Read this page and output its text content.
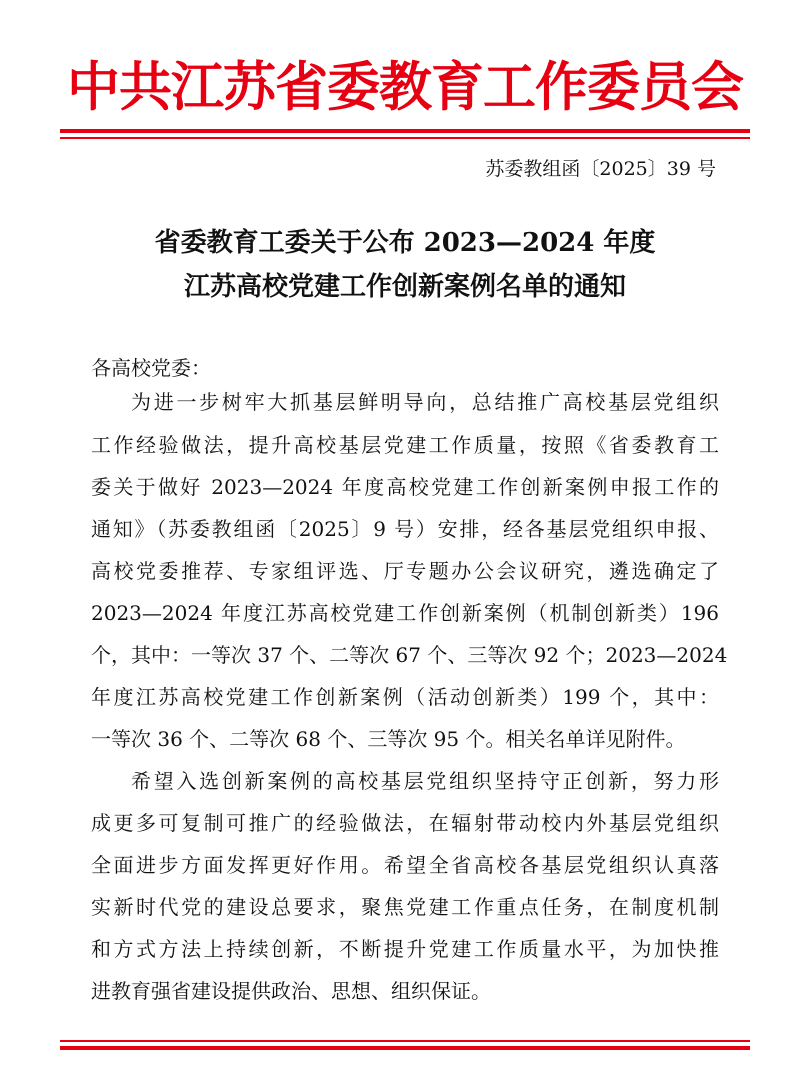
中共江苏省委教育工作委员会
苏委教组函〔2025〕39 号
省委教育工委关于公布 2023—2024 年度
江苏高校党建工作创新案例名单的通知
各高校党委：
为进一步树牢大抓基层鲜明导向，总结推广高校基层党组织
工作经验做法，提升高校基层党建工作质量，按照《省委教育工
委关于做好 2023—2024 年度高校党建工作创新案例申报工作的
通知》（苏委教组函〔2025〕9 号）安排，经各基层党组织申报、
高校党委推荐、专家组评选、厅专题办公会议研究，遴选确定了
2023—2024 年度江苏高校党建工作创新案例（机制创新类）196
个，其中：一等次 37 个、二等次 67 个、三等次 92 个；2023—2024
年度江苏高校党建工作创新案例（活动创新类）199 个，其中：
一等次 36 个、二等次 68 个、三等次 95 个。相关名单详见附件。
希望入选创新案例的高校基层党组织坚持守正创新，努力形
成更多可复制可推广的经验做法，在辐射带动校内外基层党组织
全面进步方面发挥更好作用。希望全省高校各基层党组织认真落
实新时代党的建设总要求，聚焦党建工作重点任务，在制度机制
和方式方法上持续创新，不断提升党建工作质量水平，为加快推
进教育强省建设提供政治、思想、组织保证。
